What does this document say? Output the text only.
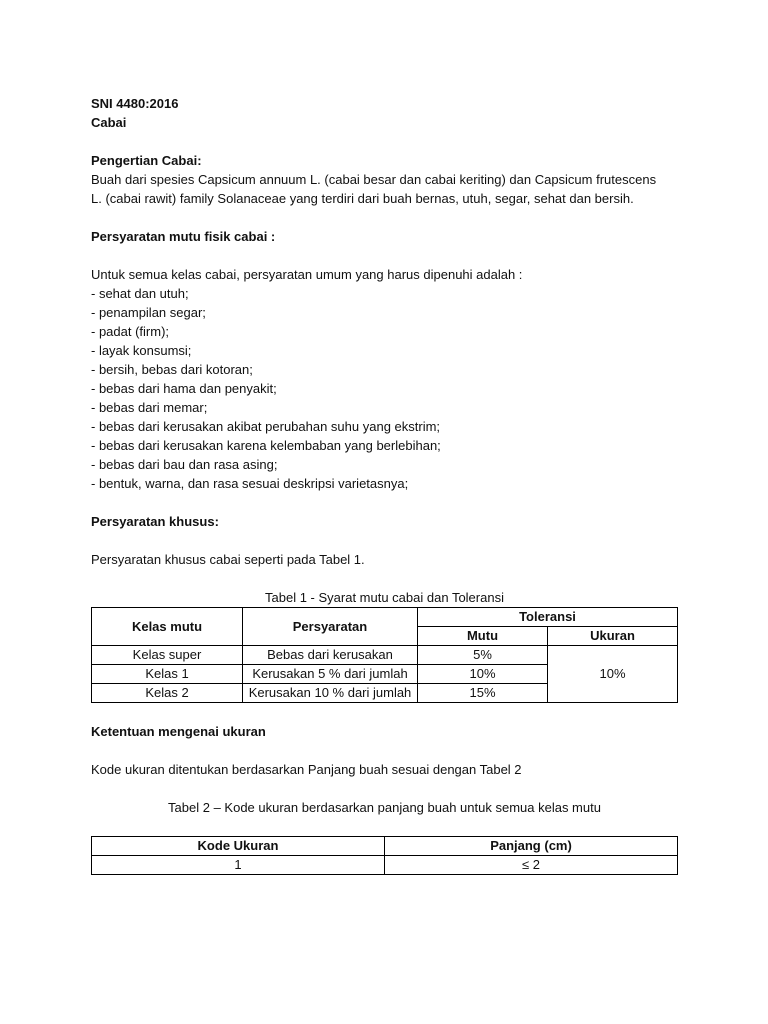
SNI 4480:2016
Cabai
Pengertian Cabai:
Buah dari spesies Capsicum annuum L. (cabai besar dan cabai keriting) dan Capsicum frutescens
L. (cabai rawit) family Solanaceae yang terdiri dari buah bernas, utuh, segar, sehat dan bersih.
Persyaratan mutu fisik cabai :
Untuk semua kelas cabai, persyaratan umum yang harus dipenuhi adalah :
- sehat dan utuh;
- penampilan segar;
- padat (firm);
- layak konsumsi;
- bersih, bebas dari kotoran;
- bebas dari hama dan penyakit;
- bebas dari memar;
- bebas dari kerusakan akibat perubahan suhu yang ekstrim;
- bebas dari kerusakan karena kelembaban yang berlebihan;
- bebas dari bau dan rasa asing;
- bentuk, warna, dan rasa sesuai deskripsi varietasnya;
Persyaratan khusus:
Persyaratan khusus cabai seperti pada Tabel 1.
Tabel 1 - Syarat mutu cabai dan Toleransi
Kelas mutu	Persyaratan	Toleransi	
		Mutu	Ukuran
Kelas super	Bebas dari kerusakan	5%	10%
Kelas 1	Kerusakan 5 % dari jumlah	10%	
Kelas 2	Kerusakan 10 % dari jumlah	15%	
Ketentuan mengenai ukuran
Kode ukuran ditentukan berdasarkan Panjang buah sesuai dengan Tabel 2
Tabel 2 – Kode ukuran berdasarkan panjang buah untuk semua kelas mutu
Kode Ukuran	Panjang (cm)
1	≤ 2
